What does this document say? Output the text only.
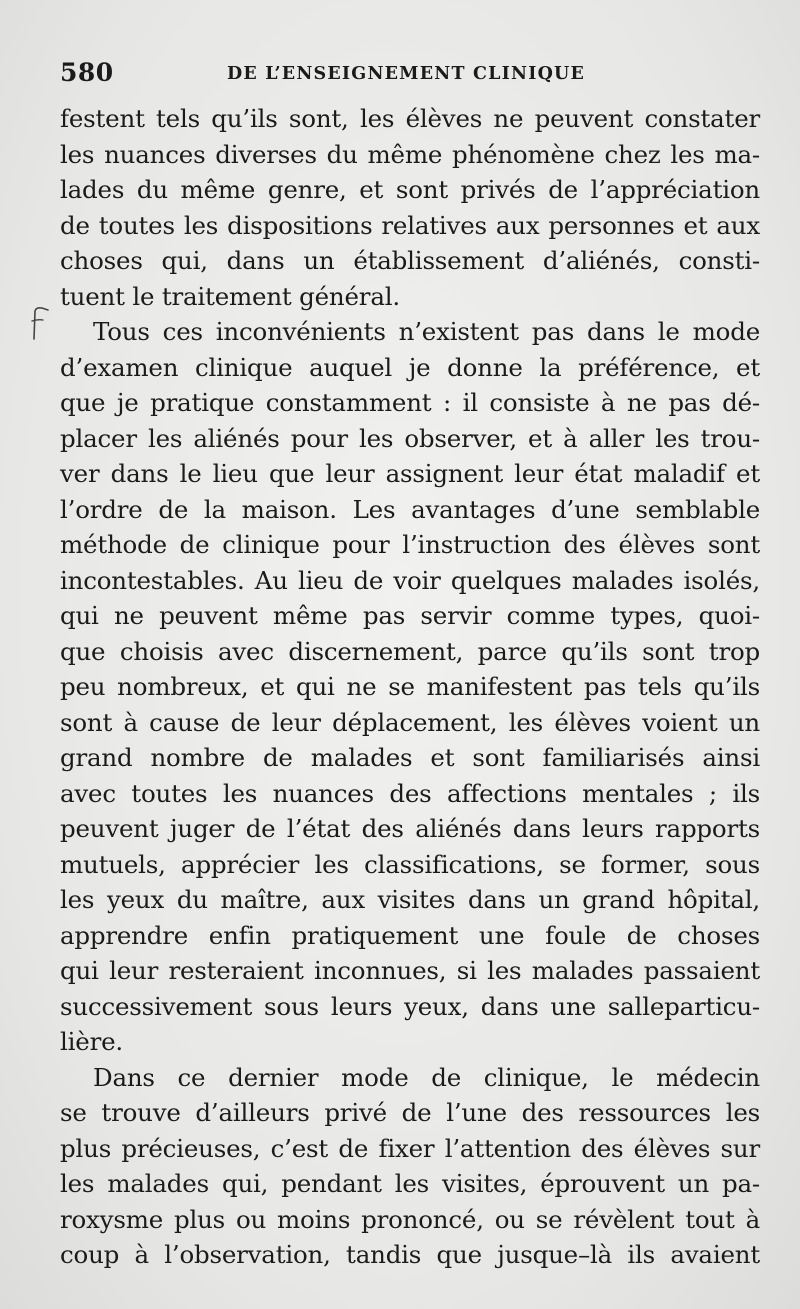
580	DE L’ENSEIGNEMENT CLINIQUE
festent tels qu’ils sont, les élèves ne peuvent constater
les nuances diverses du même phénomène chez les ma-
lades du même genre, et sont privés de l’appréciation
de toutes les dispositions relatives aux personnes et aux
choses qui, dans un établissement d’aliénés, consti-
tuent le traitement général.
Tous ces inconvénients n’existent pas dans le mode
d’examen clinique auquel je donne la préférence, et
que je pratique constamment : il consiste à ne pas dé-
placer les aliénés pour les observer, et à aller les trou-
ver dans le lieu que leur assignent leur état maladif et
l’ordre de la maison. Les avantages d’une semblable
méthode de clinique pour l’instruction des élèves sont
incontestables. Au lieu de voir quelques malades isolés,
qui ne peuvent même pas servir comme types, quoi-
que choisis avec discernement, parce qu’ils sont trop
peu nombreux, et qui ne se manifestent pas tels qu’ils
sont à cause de leur déplacement, les élèves voient un
grand nombre de malades et sont familiarisés ainsi
avec toutes les nuances des affections mentales ; ils
peuvent juger de l’état des aliénés dans leurs rapports
mutuels, apprécier les classifications, se former, sous
les yeux du maître, aux visites dans un grand hôpital,
apprendre enfin pratiquement une foule de choses
qui leur resteraient inconnues, si les malades passaient
successivement sous leurs yeux, dans une salleparticu-
lière.
Dans ce dernier mode de clinique, le médecin
se trouve d’ailleurs privé de l’une des ressources les
plus précieuses, c’est de fixer l’attention des élèves sur
les malades qui, pendant les visites, éprouvent un pa-
roxysme plus ou moins prononcé, ou se révèlent tout à
coup à l’observation, tandis que jusque–là ils avaient
